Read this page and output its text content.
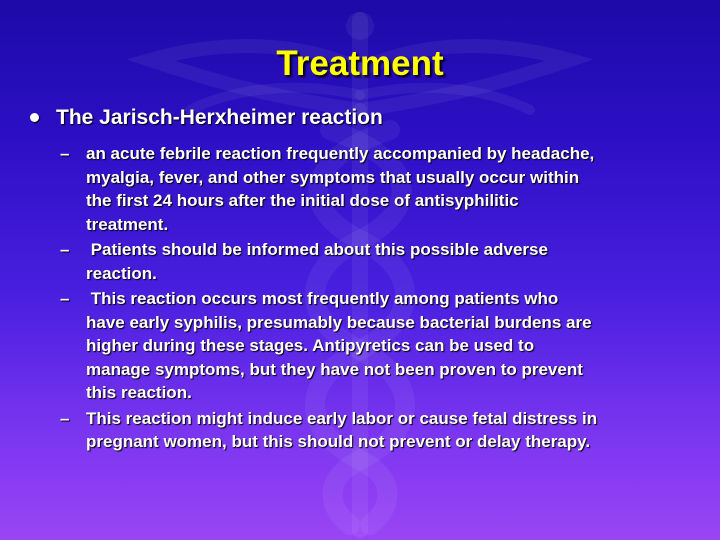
Treatment
The Jarisch-Herxheimer reaction
– an acute febrile reaction frequently accompanied by headache,
myalgia, fever, and other symptoms that usually occur within
the first 24 hours after the initial dose of antisyphilitic
treatment.
– Patients should be informed about this possible adverse
reaction.
– This reaction occurs most frequently among patients who
have early syphilis, presumably because bacterial burdens are
higher during these stages. Antipyretics can be used to
manage symptoms, but they have not been proven to prevent
this reaction.
– This reaction might induce early labor or cause fetal distress in
pregnant women, but this should not prevent or delay therapy.
